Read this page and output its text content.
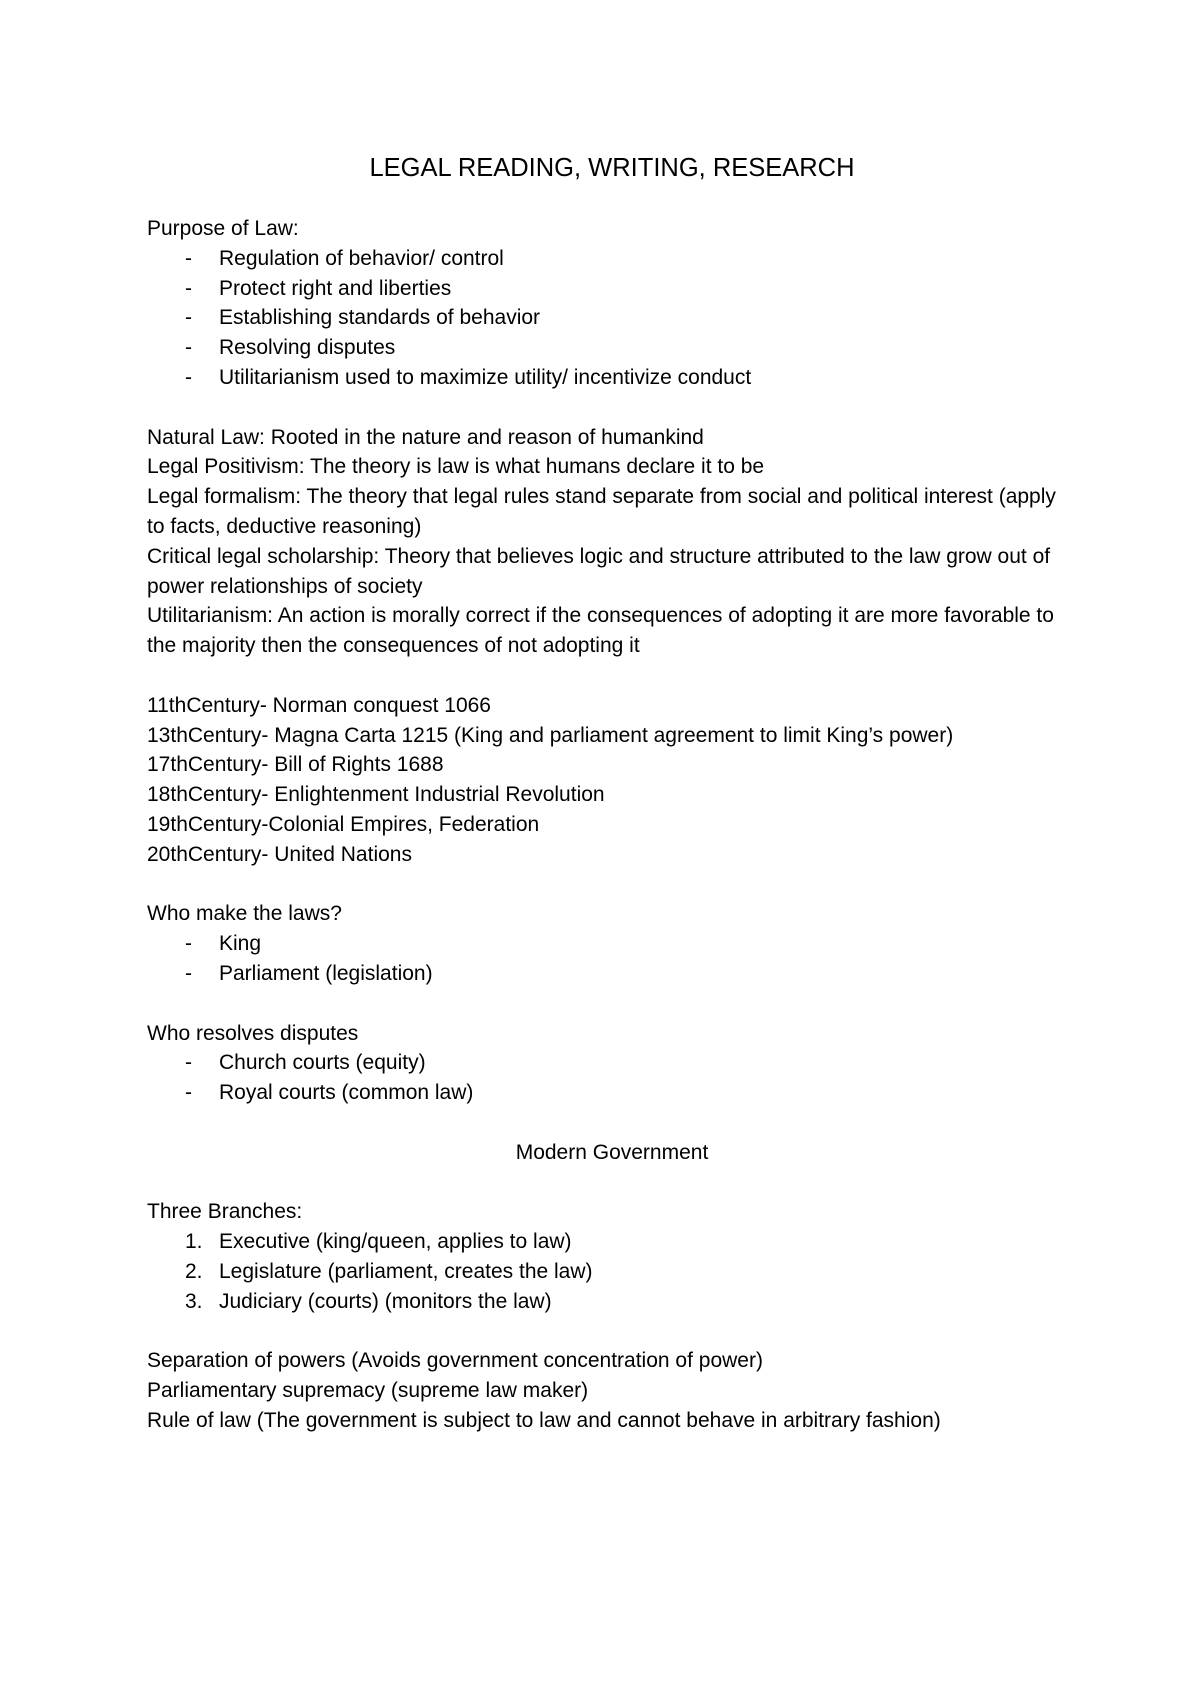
LEGAL READING, WRITING, RESEARCH
Purpose of Law:
- Regulation of behavior/ control
- Protect right and liberties
- Establishing standards of behavior
- Resolving disputes
- Utilitarianism used to maximize utility/ incentivize conduct
Natural Law: Rooted in the nature and reason of humankind
Legal Positivism: The theory is law is what humans declare it to be
Legal formalism: The theory that legal rules stand separate from social and political interest (apply to facts, deductive reasoning)
Critical legal scholarship: Theory that believes logic and structure attributed to the law grow out of power relationships of society
Utilitarianism: An action is morally correct if the consequences of adopting it are more favorable to the majority then the consequences of not adopting it
11thCentury- Norman conquest 1066
13thCentury- Magna Carta 1215 (King and parliament agreement to limit King’s power)
17thCentury- Bill of Rights 1688
18thCentury- Enlightenment Industrial Revolution
19thCentury-Colonial Empires, Federation
20thCentury- United Nations
Who make the laws?
- King
- Parliament (legislation)
Who resolves disputes
- Church courts (equity)
- Royal courts (common law)
Modern Government
Three Branches:
1. Executive (king/queen, applies to law)
2. Legislature (parliament, creates the law)
3. Judiciary (courts) (monitors the law)
Separation of powers (Avoids government concentration of power)
Parliamentary supremacy (supreme law maker)
Rule of law (The government is subject to law and cannot behave in arbitrary fashion)
